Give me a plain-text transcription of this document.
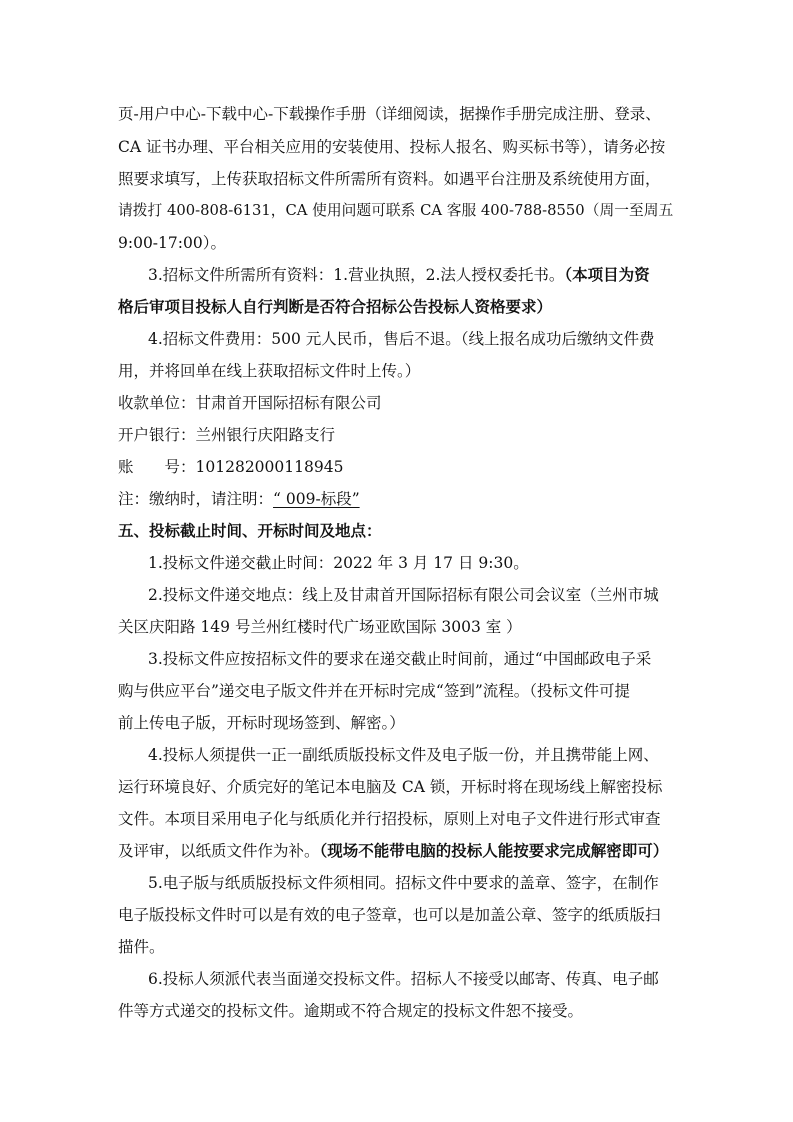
页-用户中心-下载中心-下载操作手册（详细阅读，据操作手册完成注册、登录、
CA 证书办理、平台相关应用的安装使用、投标人报名、购买标书等），请务必按
照要求填写，上传获取招标文件所需所有资料。如遇平台注册及系统使用方面，
请拨打 400-808-6131，CA 使用问题可联系 CA 客服 400-788-8550（周一至周五
9:00-17:00）。
3.招标文件所需所有资料：1.营业执照，2.法人授权委托书。（本项目为资
格后审项目投标人自行判断是否符合招标公告投标人资格要求）
4.招标文件费用：500 元人民币，售后不退。（线上报名成功后缴纳文件费
用，并将回单在线上获取招标文件时上传。）
收款单位：甘肃首开国际招标有限公司
开户银行：兰州银行庆阳路支行
账　　号：101282000118945
注：缴纳时，请注明：“ 009-标段”
五、投标截止时间、开标时间及地点：
1.投标文件递交截止时间：2022 年 3 月 17 日 9:30。
2.投标文件递交地点：线上及甘肃首开国际招标有限公司会议室（兰州市城
关区庆阳路 149 号兰州红楼时代广场亚欧国际 3003 室 ）
3.投标文件应按招标文件的要求在递交截止时间前，通过“中国邮政电子采
购与供应平台”递交电子版文件并在开标时完成“签到”流程。（投标文件可提
前上传电子版，开标时现场签到、解密。）
4.投标人须提供一正一副纸质版投标文件及电子版一份，并且携带能上网、
运行环境良好、介质完好的笔记本电脑及 CA 锁，开标时将在现场线上解密投标
文件。本项目采用电子化与纸质化并行招投标，原则上对电子文件进行形式审查
及评审，以纸质文件作为补。（现场不能带电脑的投标人能按要求完成解密即可）
5.电子版与纸质版投标文件须相同。招标文件中要求的盖章、签字，在制作
电子版投标文件时可以是有效的电子签章，也可以是加盖公章、签字的纸质版扫
描件。
6.投标人须派代表当面递交投标文件。招标人不接受以邮寄、传真、电子邮
件等方式递交的投标文件。逾期或不符合规定的投标文件恕不接受。
